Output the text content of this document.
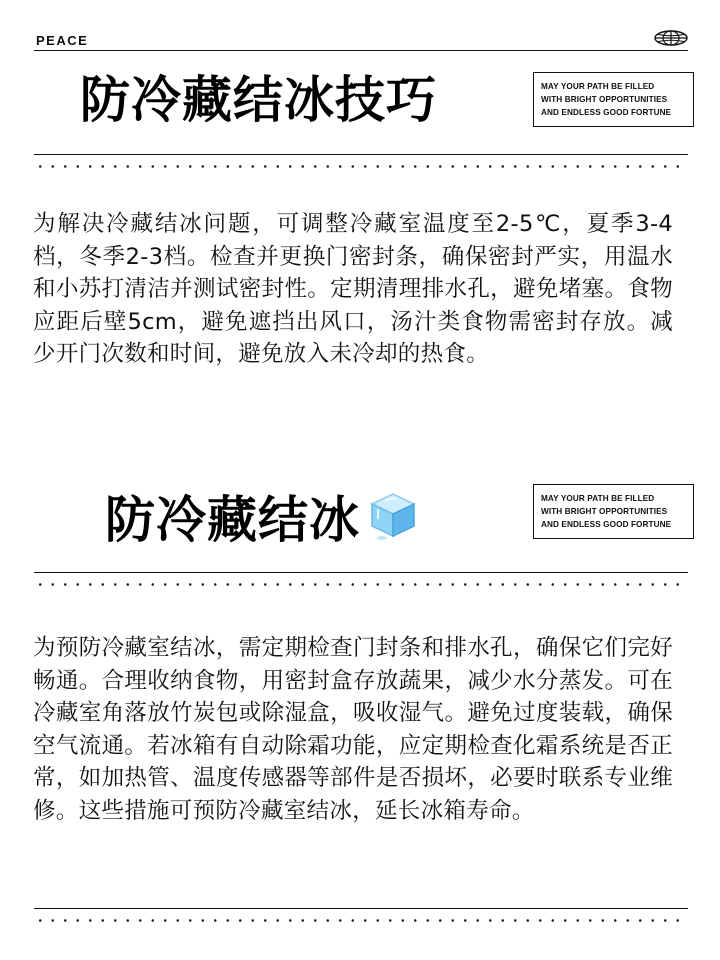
PEACE
防冷藏结冰技巧	MAY YOUR PATH BE FILLED
WITH BRIGHT OPPORTUNITIES
AND ENDLESS GOOD FORTUNE
为解决冷藏结冰问题，可调整冷藏室温度至2-5℃，夏季3-4档，冬季2-3档。检查并更换门密封条，确保密封严实，用温水和小苏打清洁并测试密封性。定期清理排水孔，避免堵塞。食物应距后壁5cm，避免遮挡出风口，汤汁类食物需密封存放。减少开门次数和时间，避免放入未冷却的热食。
防冷藏结冰	MAY YOUR PATH BE FILLED
WITH BRIGHT OPPORTUNITIES
AND ENDLESS GOOD FORTUNE
为预防冷藏室结冰，需定期检查门封条和排水孔，确保它们完好畅通。合理收纳食物，用密封盒存放蔬果，减少水分蒸发。可在冷藏室角落放竹炭包或除湿盒，吸收湿气。避免过度装载，确保空气流通。若冰箱有自动除霜功能，应定期检查化霜系统是否正常，如加热管、温度传感器等部件是否损坏，必要时联系专业维修。这些措施可预防冷藏室结冰，延长冰箱寿命。
